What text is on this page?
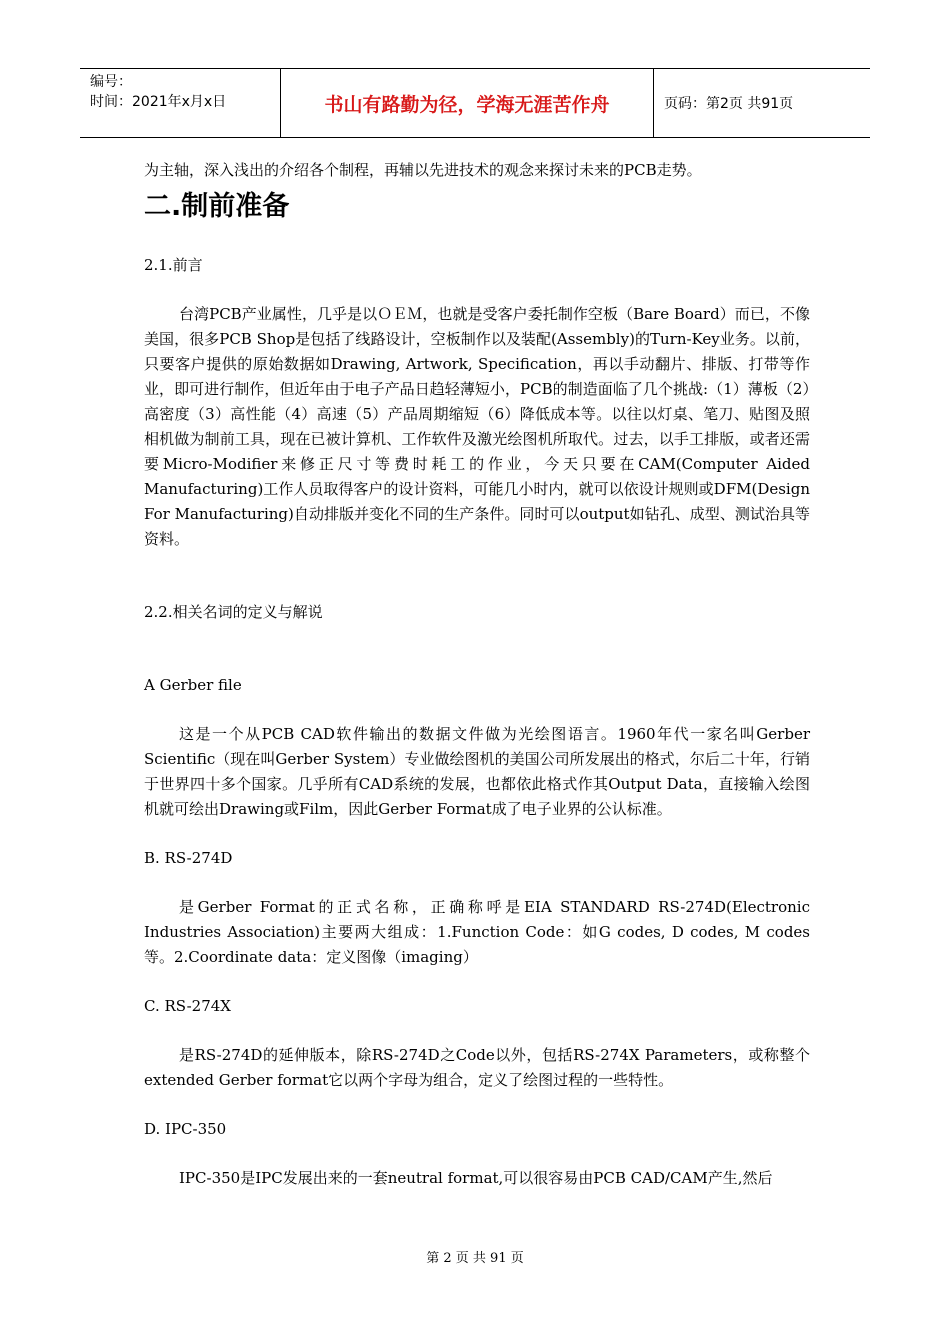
编号：
时间：2021年x月x日	书山有路勤为径，学海无涯苦作舟	页码：第2页 共91页

为主轴，深入浅出的介绍各个制程，再辅以先进技术的观念来探讨未来的PCB走势。

二.制前准备

2.1.前言

台湾PCB产业属性，几乎是以ＯＥＭ，也就是受客户委托制作空板（Bare Board）而已，不像美国，很多PCB Shop是包括了线路设计，空板制作以及装配(Assembly)的Turn-Key业务。以前，只要客户提供的原始数据如Drawing, Artwork, Specification，再以手动翻片、排版、打带等作业，即可进行制作，但近年由于电子产品日趋轻薄短小，PCB的制造面临了几个挑战:（1）薄板（2）高密度（3）高性能（4）高速（5）产品周期缩短（6）降低成本等。以往以灯桌、笔刀、贴图及照相机做为制前工具，现在已被计算机、工作软件及激光绘图机所取代。过去，以手工排版，或者还需要Micro-Modifier来修正尺寸等费时耗工的作业，今天只要在CAM(Computer Aided Manufacturing)工作人员取得客户的设计资料，可能几小时内，就可以依设计规则或DFM(Design For Manufacturing)自动排版并变化不同的生产条件。同时可以output如钻孔、成型、测试治具等资料。

2.2.相关名词的定义与解说

A Gerber file

这是一个从PCB CAD软件输出的数据文件做为光绘图语言。1960年代一家名叫Gerber Scientific（现在叫Gerber System）专业做绘图机的美国公司所发展出的格式，尔后二十年，行销于世界四十多个国家。几乎所有CAD系统的发展，也都依此格式作其Output Data，直接输入绘图机就可绘出Drawing或Film，因此Gerber Format成了电子业界的公认标准。

B. RS-274D

是Gerber Format的正式名称，正确称呼是EIA STANDARD RS-274D(Electronic Industries Association)主要两大组成：1.Function Code：如G codes, D codes, M codes 等。2.Coordinate data：定义图像（imaging）

C. RS-274X

是RS-274D的延伸版本，除RS-274D之Code以外，包括RS-274X Parameters，或称整个extended Gerber format它以两个字母为组合，定义了绘图过程的一些特性。

D. IPC-350

IPC-350是IPC发展出来的一套neutral format,可以很容易由PCB CAD/CAM产生,然后

第 2 页 共 91 页
